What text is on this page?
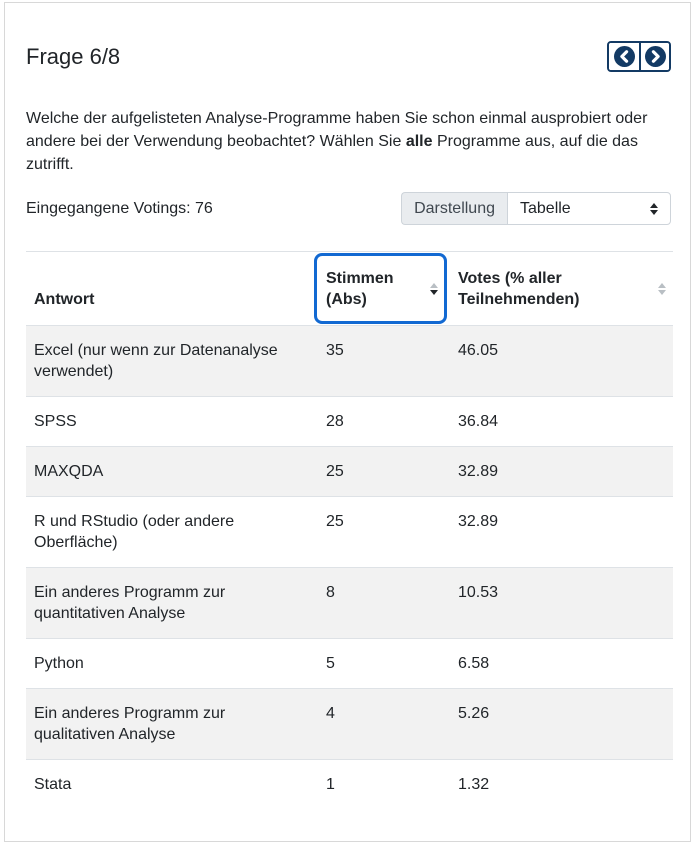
Frage 6/8

Welche der aufgelisteten Analyse-Programme haben Sie schon einmal ausprobiert oder andere bei der Verwendung beobachtet? Wählen Sie alle Programme aus, auf die das zutrifft.

Eingegangene Votings: 76	Darstellung	Tabelle
Antwort	Stimmen (Abs)	Votes (% aller Teilnehmenden)

Excel (nur wenn zur Datenanalyse verwendet)	35	46.05
SPSS	28	36.84
MAXQDA	25	32.89
R und RStudio (oder andere Oberfläche)	25	32.89
Ein anderes Programm zur quantitativen Analyse	8	10.53
Python	5	6.58
Ein anderes Programm zur qualitativen Analyse	4	5.26
Stata	1	1.32
